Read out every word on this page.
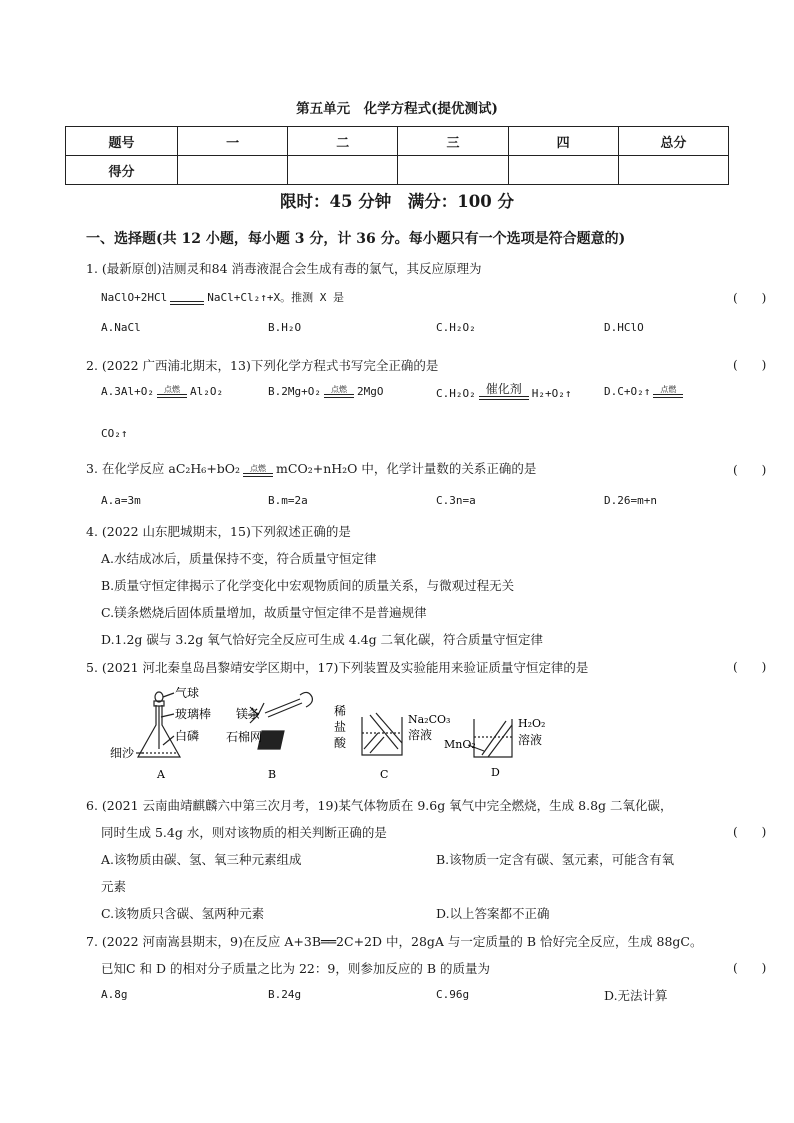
第五单元　化学方程式(提优测试)
题号	一	二	三	四	总分
得分					
限时：45 分钟　满分：100 分
一、选择题(共 12 小题，每小题 3 分，计 36 分。每小题只有一个选项是符合题意的)
1. (最新原创)洁厕灵和84 消毒液混合会生成有毒的氯气，其反应原理为
NaClO+2HCl
	NaCl+Cl₂↑+X。推测 X 是	(　　)
A.NaCl	B.H₂O	C.H₂O₂	D.HClO
2. (2022 广西浦北期末，13)下列化学方程式书写完全正确的是	(　　)
A.3Al+O₂	点燃 Al₂O₂	B.2Mg+O₂	点燃 2MgO	C.H₂O₂ 催化剂 H₂+O₂↑	D.C+O₂↑	点燃
CO₂↑
3. 在化学反应 aC₂H₆+bO₂	点燃 mCO₂+nH₂O 中，化学计量数的关系正确的是	(　　)
A.a=3m	B.m=2a	C.3n=a	D.26=m+n
4. (2022 山东肥城期末，15)下列叙述正确的是
A.水结成冰后，质量保持不变，符合质量守恒定律
B.质量守恒定律揭示了化学变化中宏观物质间的质量关系，与微观过程无关
C.镁条燃烧后固体质量增加，故质量守恒定律不是普遍规律
D.1.2g 碳与 3.2g 氧气恰好完全反应可生成 4.4g 二氧化碳，符合质量守恒定律
5. (2021 河北秦皇岛昌黎靖安学区期中，17)下列装置及实验能用来验证质量守恒定律的是	(　　)
气球
玻璃棒
白磷
细沙
A
镁条
石棉网
B
稀
盐
酸
Na₂CO₃
溶液
C
MnO₂
H₂O₂
溶液
D
6. (2021 云南曲靖麒麟六中第三次月考，19)某气体物质在 9.6g 氧气中完全燃烧，生成 8.8g 二氧化碳，
同时生成 5.4g 水，则对该物质的相关判断正确的是	(　　)
A.该物质由碳、氢、氧三种元素组成	B.该物质一定含有碳、氢元素，可能含有氧
元素
C.该物质只含碳、氢两种元素	D.以上答案都不正确
7. (2022 河南嵩县期末，9)在反应 A+3B══2C+2D 中，28gA 与一定质量的 B 恰好完全反应，生成 88gC。
已知C 和 D 的相对分子质量之比为 22：9，则参加反应的 B 的质量为	(　　)
A.8g	B.24g	C.96g	D.无法计算
